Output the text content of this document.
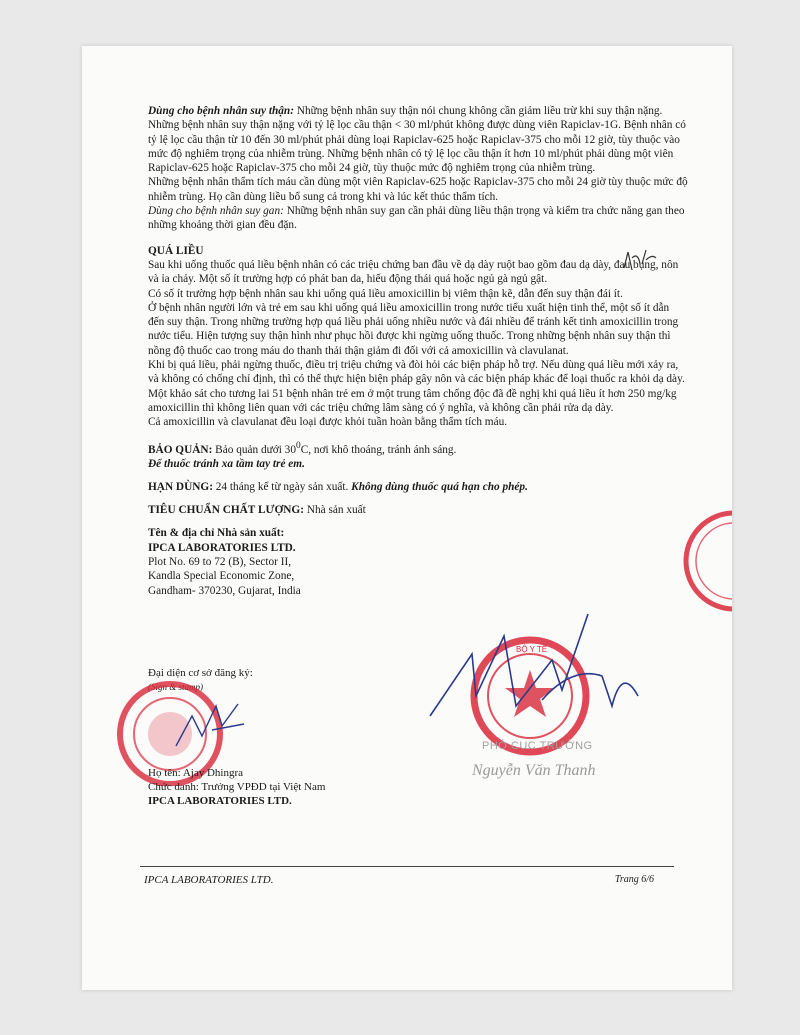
Dùng cho bệnh nhân suy thận: Những bệnh nhân suy thận nói chung không cần giảm liều trừ khi suy thận nặng. Những bệnh nhân suy thận nặng với tỷ lệ lọc cầu thận < 30 ml/phút không được dùng viên Rapiclav-1G. Bệnh nhân có tỷ lệ lọc cầu thận từ 10 đến 30 ml/phút phải dùng loại Rapiclav-625 hoặc Rapiclav-375 cho mỗi 12 giờ, tùy thuộc vào mức độ nghiêm trọng của nhiễm trùng. Những bệnh nhân có tỷ lệ lọc cầu thận ít hơn 10 ml/phút phải dùng một viên Rapiclav-625 hoặc Rapiclav-375 cho mỗi 24 giờ, tùy thuộc mức độ nghiêm trọng của nhiễm trùng.

Những bệnh nhân thẩm tích máu cần dùng một viên Rapiclav-625 hoặc Rapiclav-375 cho mỗi 24 giờ tùy thuộc mức độ nhiễm trùng. Họ cần dùng liều bổ sung cả trong khi và lúc kết thúc thẩm tích.

Dùng cho bệnh nhân suy gan: Những bệnh nhân suy gan cần phải dùng liều thận trọng và kiểm tra chức năng gan theo những khoảng thời gian đều đặn.

QUÁ LIỀU

Sau khi uống thuốc quá liều bệnh nhân có các triệu chứng ban đầu về dạ dày ruột bao gồm đau dạ dày, đau bụng, nôn và ỉa chảy. Một số ít trường hợp có phát ban da, hiếu động thái quá hoặc ngủ gà ngủ gật.

Có số ít trường hợp bệnh nhân sau khi uống quá liều amoxicillin bị viêm thận kẽ, dẫn đến suy thận đái ít.

Ở bệnh nhân người lớn và trẻ em sau khi uống quá liều amoxicillin trong nước tiểu xuất hiện tinh thể, một số ít dẫn đến suy thận. Trong những trường hợp quá liều phải uống nhiều nước và đái nhiều để tránh kết tinh amoxicillin trong nước tiểu. Hiện tượng suy thận hình như phục hồi được khi ngừng uống thuốc. Trong những bệnh nhân suy thận thì nồng độ thuốc cao trong máu do thanh thải thận giảm đi đối với cả amoxicillin và clavulanat.

Khi bị quá liều, phải ngừng thuốc, điều trị triệu chứng và đòi hỏi các biện pháp hỗ trợ. Nếu dùng quá liều mới xảy ra, và không có chống chỉ định, thì có thể thực hiện biện pháp gây nôn và các biện pháp khác để loại thuốc ra khỏi dạ dày. Một khảo sát cho tương lai 51 bệnh nhân trẻ em ở một trung tâm chống độc đã đề nghị khi quá liều ít hơn 250 mg/kg amoxicillin thì không liên quan với các triệu chứng lâm sàng có ý nghĩa, và không cần phải rửa dạ dày.

Cả amoxicillin và clavulanat đều loại được khỏi tuần hoàn bằng thẩm tích máu.

BẢO QUẢN: Bảo quản dưới $30^0C$, nơi khô thoáng, tránh ánh sáng.

Để thuốc tránh xa tầm tay trẻ em.

HẠN DÙNG: 24 tháng kể từ ngày sản xuất. Không dùng thuốc quá hạn cho phép.

TIÊU CHUẨN CHẤT LƯỢNG: Nhà sản xuất

Tên & địa chỉ Nhà sản xuất:

IPCA LABORATORIES LTD.

Plot No. 69 to 72 (B), Sector II,

Kandla Special Economic Zone,

Gandham- 370230, Gujarat, India

Đại diện cơ sở đăng ký:
(Sign & stamp)
Họ tên: Ajay Dhingra
Chức danh: Trưởng VPĐD tại Việt Nam
IPCA LABORATORIES LTD.
BỘ Y TẾ
PHÓ CỤC TRƯỞNG
Nguyễn Văn Thanh
IPCA LABORATORIES LTD.	Trang 6/6
